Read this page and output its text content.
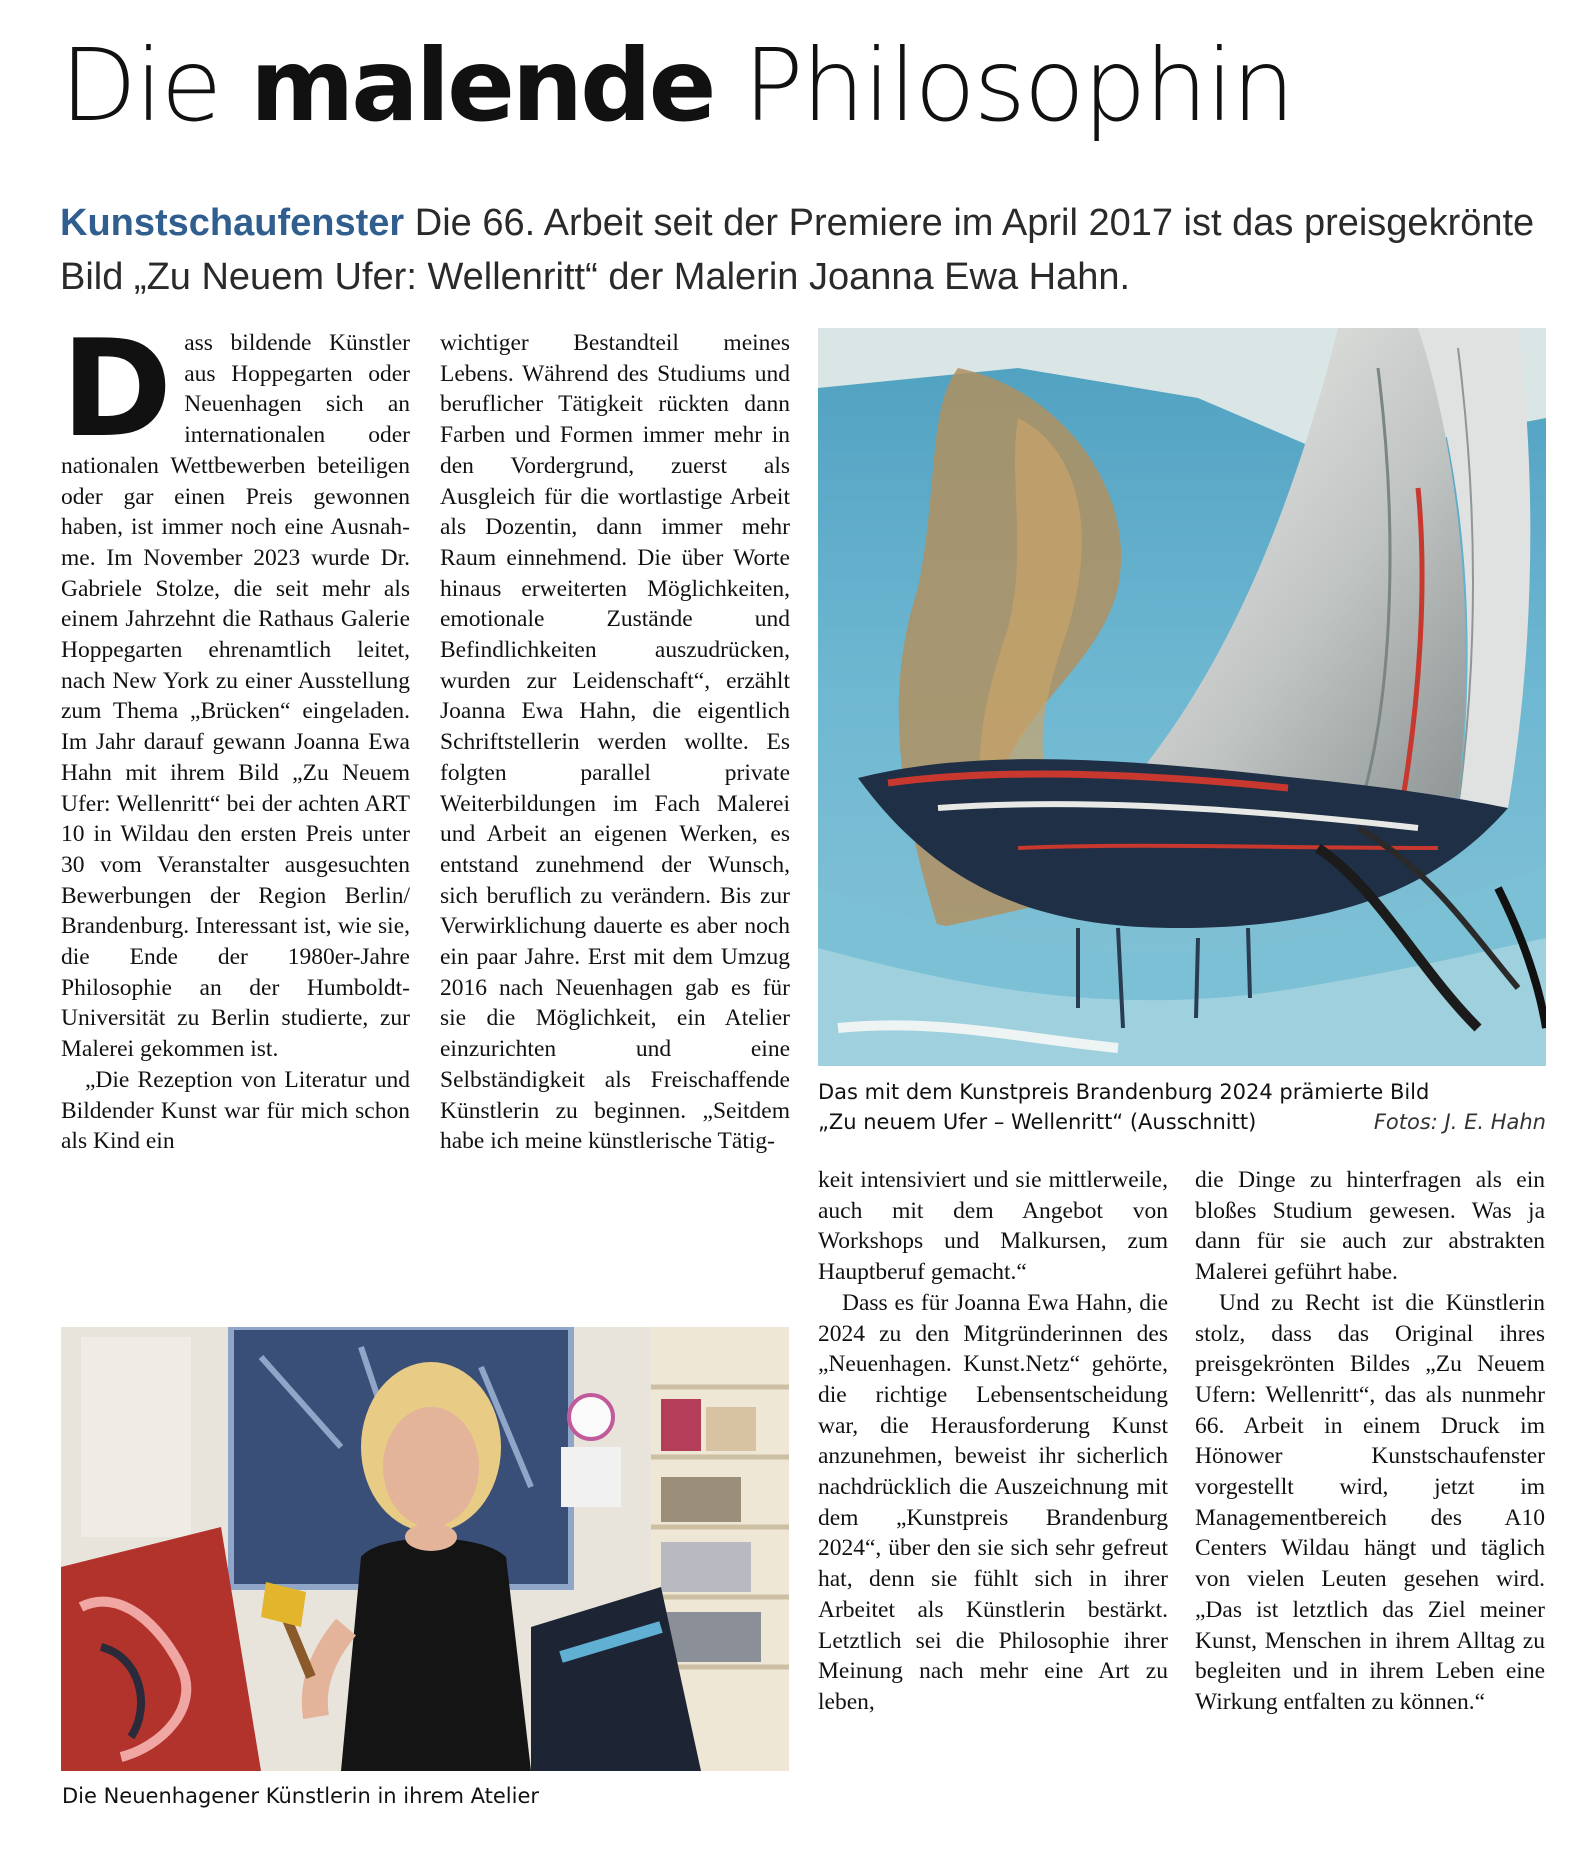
Die malende Philosophin

Kunstschaufenster Die 66. Arbeit seit der Premiere im April 2017 ist das preisgekrönte Bild „Zu Neuem Ufer: Wellenritt“ der Malerin Joanna Ewa Hahn.

Dass bildende Künstler aus Hoppegarten oder Neuenhagen sich an internationalen oder nationalen Wettbewerben beteiligen oder gar einen Preis gewonnen haben, ist immer noch eine Ausnahme. Im November 2023 wurde Dr. Gabriele Stolze, die seit mehr als einem Jahrzehnt die Rathaus Galerie Hoppegarten ehrenamtlich leitet, nach New York zu einer Ausstellung zum Thema „Brücken“ eingeladen. Im Jahr darauf gewann Joanna Ewa Hahn mit ihrem Bild „Zu Neuem Ufer: Wellenritt“ bei der achten ART 10 in Wildau den ersten Preis unter 30 vom Veranstalter ausgesuchten Bewerbungen der Region Berlin/ Brandenburg. Interessant ist, wie sie, die Ende der 1980er-Jahre Philosophie an der Humboldt-Universität zu Berlin studierte, zur Malerei gekommen ist.

„Die Rezeption von Literatur und Bildender Kunst war für mich schon als Kind ein

wichtiger Bestandteil meines Lebens. Während des Studiums und beruflicher Tätigkeit rückten dann Farben und Formen immer mehr in den Vordergrund, zuerst als Ausgleich für die wortlastige Arbeit als Dozentin, dann immer mehr Raum einnehmend. Die über Worte hinaus erweiterten Möglichkeiten, emotionale Zustände und Befindlichkeiten auszudrücken, wurden zur Leidenschaft“, erzählt Joanna Ewa Hahn, die eigentlich Schriftstellerin werden wollte. Es folgten parallel private Weiterbildungen im Fach Malerei und Arbeit an eigenen Werken, es entstand zunehmend der Wunsch, sich beruflich zu verändern. Bis zur Verwirklichung dauerte es aber noch ein paar Jahre. Erst mit dem Umzug 2016 nach Neuenhagen gab es für sie die Möglichkeit, ein Atelier einzurichten und eine Selbständigkeit als Freischaffende Künstlerin zu beginnen. „Seitdem habe ich meine künstlerische Tätig-

Das mit dem Kunstpreis Brandenburg 2024 prämierte Bild
„Zu neuem Ufer – Wellenritt“ (Ausschnitt)	Fotos: J. E. Hahn
Die Neuenhagener Künstlerin in ihrem Atelier

keit intensiviert und sie mittlerweile, auch mit dem Angebot von Workshops und Malkursen, zum Hauptberuf gemacht.“

Dass es für Joanna Ewa Hahn, die 2024 zu den Mitgründerinnen des „Neuenhagen. Kunst.Netz“ gehörte, die richtige Lebensentscheidung war, die Herausforderung Kunst anzunehmen, beweist ihr sicherlich nachdrücklich die Auszeichnung mit dem „Kunstpreis Brandenburg 2024“, über den sie sich sehr gefreut hat, denn sie fühlt sich in ihrer Arbeitet als Künstlerin bestärkt. Letztlich sei die Philosophie ihrer Meinung nach mehr eine Art zu leben,

die Dinge zu hinterfragen als ein bloßes Studium gewesen. Was ja dann für sie auch zur abstrakten Malerei geführt habe.

Und zu Recht ist die Künstlerin stolz, dass das Original ihres preisgekrönten Bildes „Zu Neuem Ufern: Wellenritt“, das als nunmehr 66. Arbeit in einem Druck im Hönower Kunstschaufenster vorgestellt wird, jetzt im Managementbereich des A10 Centers Wildau hängt und täglich von vielen Leuten gesehen wird. „Das ist letztlich das Ziel meiner Kunst, Menschen in ihrem Alltag zu begleiten und in ihrem Leben eine Wirkung entfalten zu können.“
